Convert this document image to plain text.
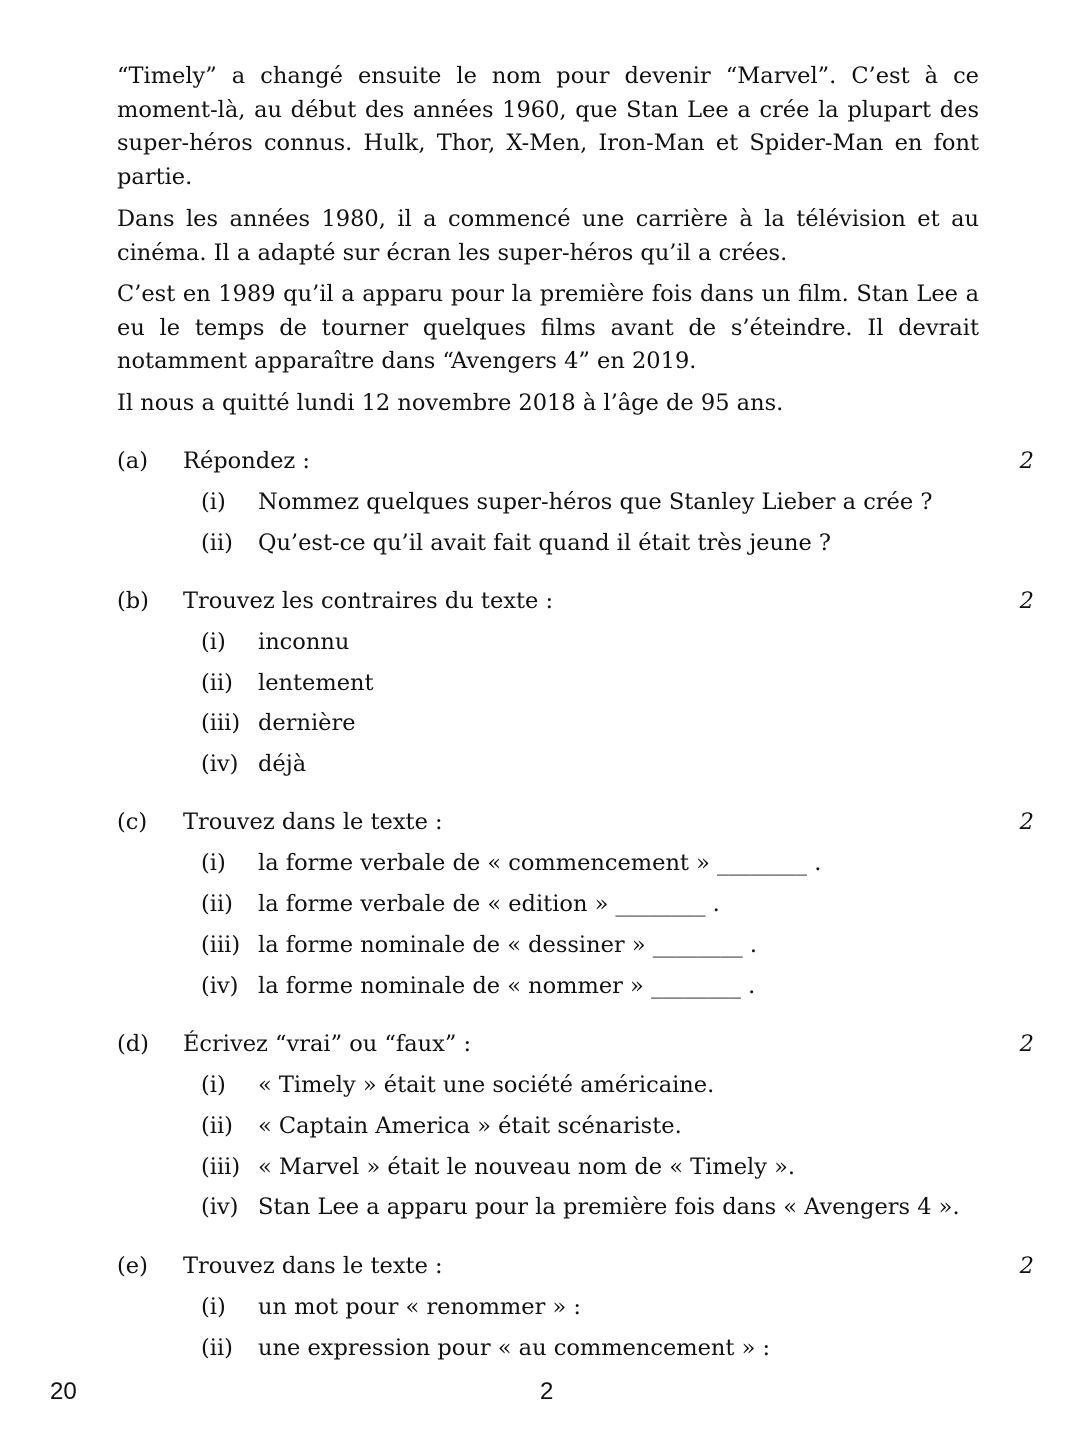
“Timely” a changé ensuite le nom pour devenir “Marvel”. C’est à ce moment-là, au début des années 1960, que Stan Lee a crée la plupart des super-héros connus. Hulk, Thor, X-Men, Iron-Man et Spider-Man en font partie.

Dans les années 1980, il a commencé une carrière à la télévision et au cinéma. Il a adapté sur écran les super-héros qu’il a crées.

C’est en 1989 qu’il a apparu pour la première fois dans un film. Stan Lee a eu le temps de tourner quelques films avant de s’éteindre. Il devrait notamment apparaître dans “Avengers 4” en 2019.

Il nous a quitté lundi 12 novembre 2018 à l’âge de 95 ans.

(a) Répondez :	2
(i) Nommez quelques super-héros que Stanley Lieber a crée ?
(ii) Qu’est-ce qu’il avait fait quand il était très jeune ?
(b) Trouvez les contraires du texte :	2
(i) inconnu
(ii) lentement
(iii) dernière
(iv) déjà
(c) Trouvez dans le texte :	2
(i) la forme verbale de « commencement » ________ .
(ii) la forme verbale de « edition » ________ .
(iii) la forme nominale de « dessiner » ________ .
(iv) la forme nominale de « nommer » ________ .
(d) Écrivez “vrai” ou “faux” :	2
(i) « Timely » était une société américaine.
(ii) « Captain America » était scénariste.
(iii) « Marvel » était le nouveau nom de « Timely ».
(iv) Stan Lee a apparu pour la première fois dans « Avengers 4 ».
(e) Trouvez dans le texte :	2
(i) un mot pour « renommer » :
(ii) une expression pour « au commencement » :
20	2
